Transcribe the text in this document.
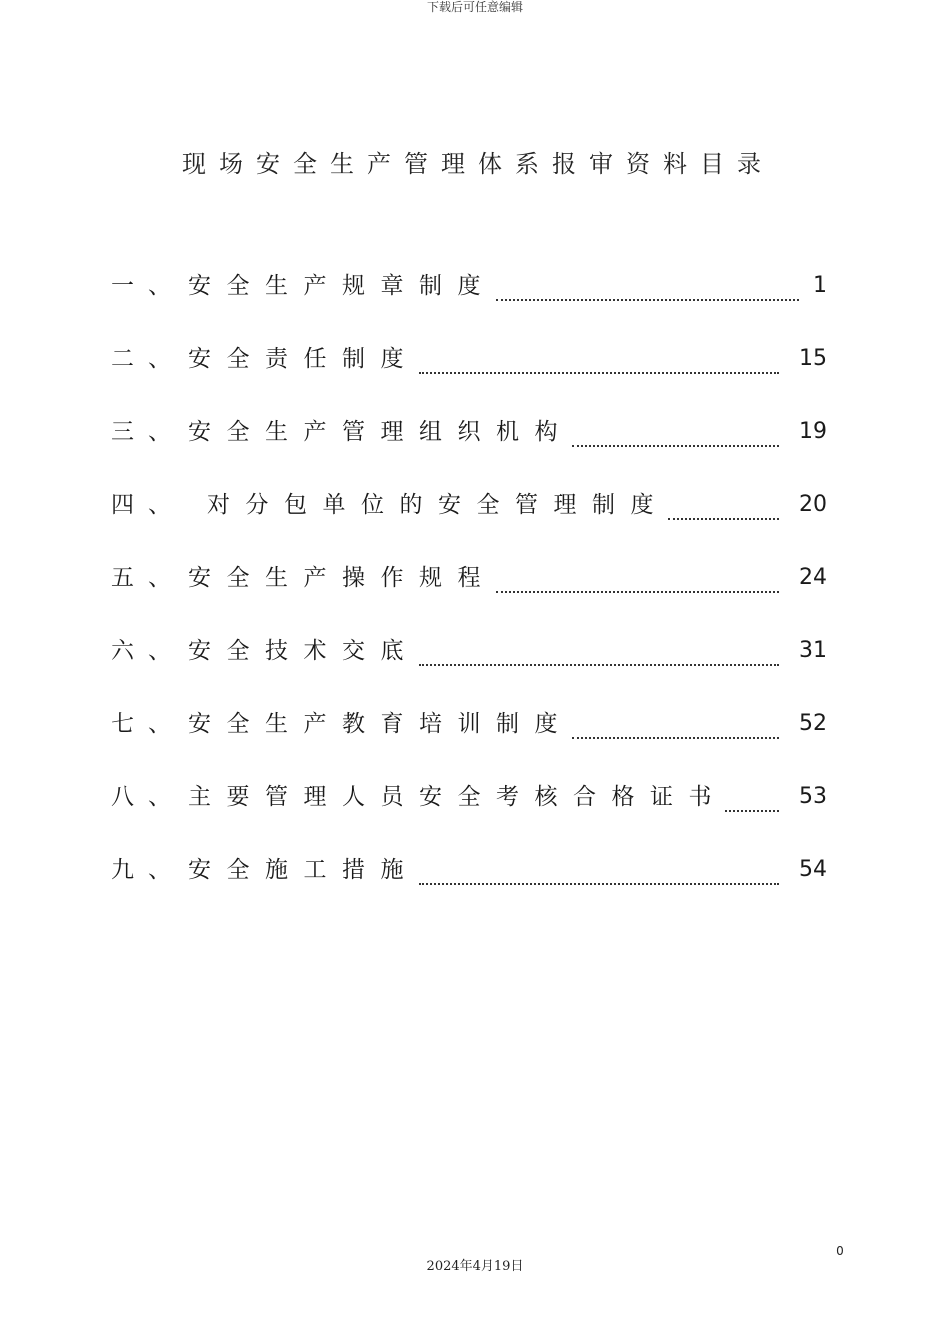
下载后可任意编辑
现场安全生产管理体系报审资料目录
一、 安全生产规章制度	1
二、 安全责任制度	15
三、 安全生产管理组织机构	19
四、 对分包单位的安全管理制度	20
五、 安全生产操作规程	24
六、 安全技术交底	31
七、 安全生产教育培训制度	52
八、 主要管理人员安全考核合格证书	53
九、 安全施工措施	54
0
2024年4月19日
